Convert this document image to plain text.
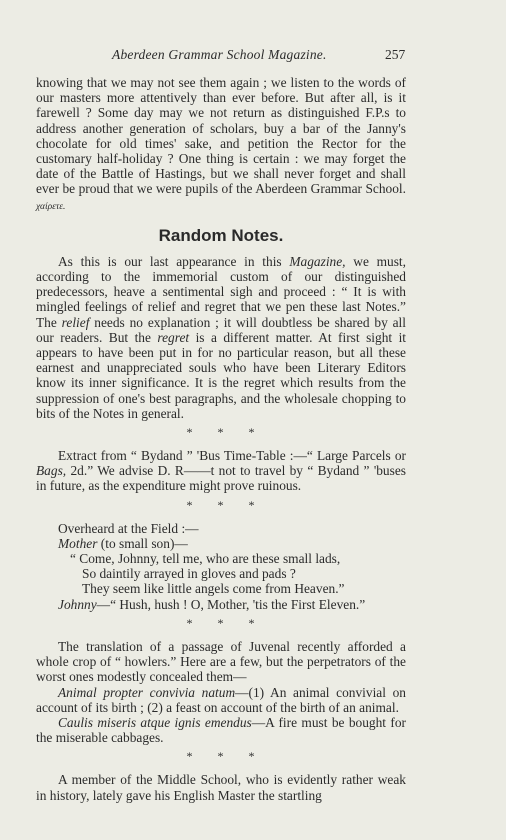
Aberdeen Grammar School Magazine.	257

knowing that we may not see them again ; we listen to the words of our masters more attentively than ever before. But after all, is it farewell ? Some day may we not return as distinguished F.P.s to address another generation of scholars, buy a bar of the Janny's chocolate for old times' sake, and petition the Rector for the customary half-holiday ? One thing is certain : we may forget the date of the Battle of Hastings, but we shall never forget and shall ever be proud that we were pupils of the Aberdeen Grammar School. χαίρετε.

Random Notes.

As this is our last appearance in this Magazine, we must, according to the immemorial custom of our distinguished predecessors, heave a sentimental sigh and proceed : “ It is with mingled feelings of relief and regret that we pen these last Notes.” The relief needs no explanation ; it will doubtless be shared by all our readers. But the regret is a different matter. At first sight it appears to have been put in for no particular reason, but all these earnest and unappreciated souls who have been Literary Editors know its inner significance. It is the regret which results from the suppression of one's best paragraphs, and the wholesale chopping to bits of the Notes in general.

* * *

Extract from “ Bydand ” 'Bus Time-Table :—“ Large Parcels or Bags, 2d.” We advise D. R——t not to travel by “ Bydand ” 'buses in future, as the expenditure might prove ruinous.

* * *
Overheard at the Field :—
Mother (to small son)—
“ Come, Johnny, tell me, who are these small lads,
So daintily arrayed in gloves and pads ?
They seem like little angels come from Heaven.”
Johnny—“ Hush, hush ! O, Mother, 'tis the First Eleven.”
* * *

The translation of a passage of Juvenal recently afforded a whole crop of “ howlers.” Here are a few, but the perpetrators of the worst ones modestly concealed them—

Animal propter convivia natum—(1) An animal convivial on account of its birth ; (2) a feast on account of the birth of an animal.

Caulis miseris atque ignis emendus—A fire must be bought for the miserable cabbages.

* * *

A member of the Middle School, who is evidently rather weak in history, lately gave his English Master the startling
